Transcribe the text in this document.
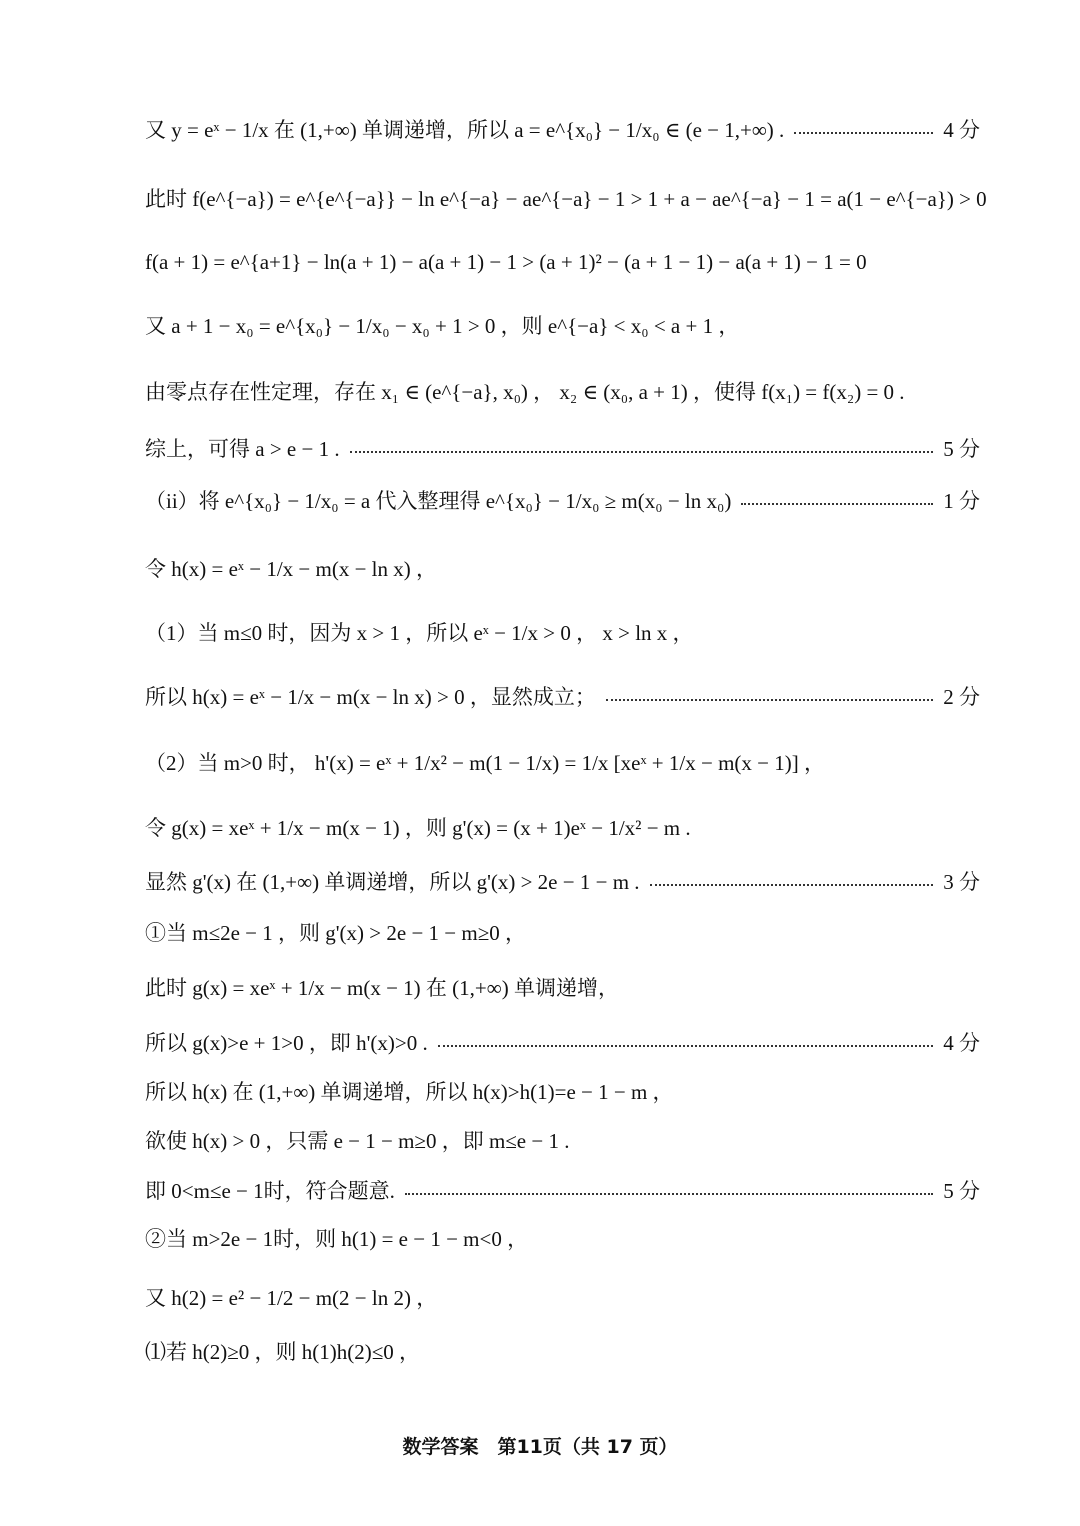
又 y = eˣ − 1/x 在 (1,+∞) 单调递增，所以 a = e^{x₀} − 1/x₀ ∈ (e − 1,+∞) .	4 分
此时 f(e^{−a}) = e^{e^{−a}} − ln e^{−a} − ae^{−a} − 1 > 1 + a − ae^{−a} − 1 = a(1 − e^{−a}) > 0
f(a + 1) = e^{a+1} − ln(a + 1) − a(a + 1) − 1 > (a + 1)² − (a + 1 − 1) − a(a + 1) − 1 = 0
又 a + 1 − x₀ = e^{x₀} − 1/x₀ − x₀ + 1 > 0 ，则 e^{−a} < x₀ < a + 1 ，
由零点存在性定理，存在 x₁ ∈ (e^{−a}, x₀) ， x₂ ∈ (x₀, a + 1) ，使得 f(x₁) = f(x₂) = 0 .
综上，可得 a > e − 1 .	5 分
（ii）将 e^{x₀} − 1/x₀ = a 代入整理得 e^{x₀} − 1/x₀ ≥ m(x₀ − ln x₀)	1 分
令 h(x) = eˣ − 1/x − m(x − ln x) ，
（1）当 m≤0 时，因为 x > 1 ，所以 eˣ − 1/x > 0 ， x > ln x ，
所以 h(x) = eˣ − 1/x − m(x − ln x) > 0 ，显然成立；	2 分
（2）当 m>0 时， h'(x) = eˣ + 1/x² − m(1 − 1/x) = 1/x [xeˣ + 1/x − m(x − 1)] ，
令 g(x) = xeˣ + 1/x − m(x − 1) ，则 g'(x) = (x + 1)eˣ − 1/x² − m .
显然 g'(x) 在 (1,+∞) 单调递增，所以 g'(x) > 2e − 1 − m .	3 分
①当 m≤2e − 1 ，则 g'(x) > 2e − 1 − m≥0 ，
此时 g(x) = xeˣ + 1/x − m(x − 1) 在 (1,+∞) 单调递增，
所以 g(x)>e + 1>0 ，即 h'(x)>0 .	4 分
所以 h(x) 在 (1,+∞) 单调递增，所以 h(x)>h(1)=e − 1 − m ，
欲使 h(x) > 0 ，只需 e − 1 − m≥0 ，即 m≤e − 1 .
即 0<m≤e − 1时，符合题意.	5 分
②当 m>2e − 1时，则 h(1) = e − 1 − m<0 ，
又 h(2) = e² − 1/2 − m(2 − ln 2) ，
⑴若 h(2)≥0 ，则 h(1)h(2)≤0 ，
数学答案　第11页（共 17 页）
